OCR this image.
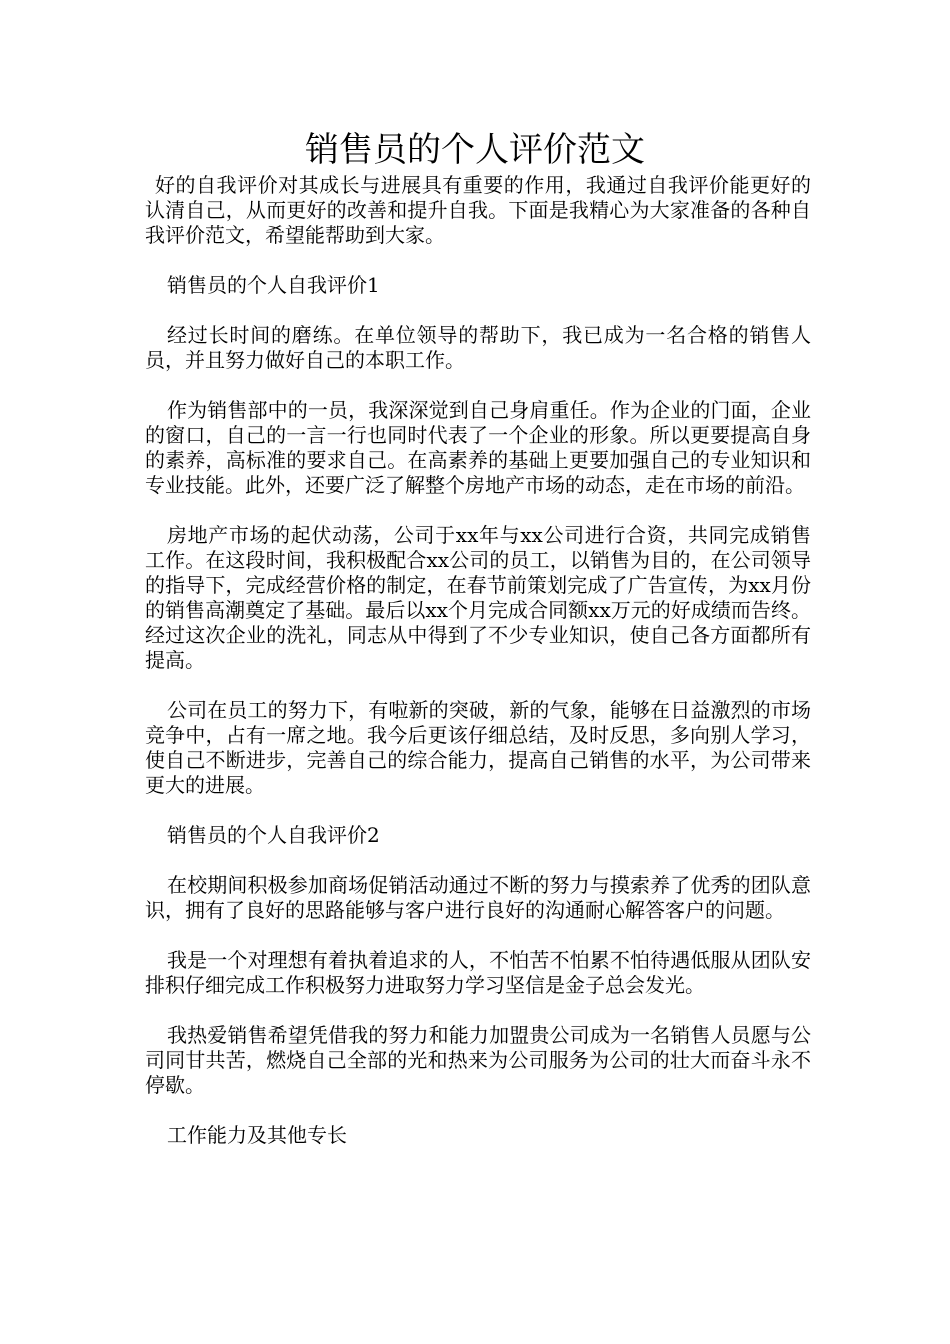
销售员的个人评价范文

好的自我评价对其成长与进展具有重要的作用，我通过自我评价能更好的认清自己，从而更好的改善和提升自我。下面是我精心为大家准备的各种自我评价范文，希望能帮助到大家。

销售员的个人自我评价1

经过长时间的磨练。在单位领导的帮助下，我已成为一名合格的销售人员，并且努力做好自己的本职工作。

作为销售部中的一员，我深深觉到自己身肩重任。作为企业的门面，企业的窗口，自己的一言一行也同时代表了一个企业的形象。所以更要提高自身的素养，高标准的要求自己。在高素养的基础上更要加强自己的专业知识和专业技能。此外，还要广泛了解整个房地产市场的动态，走在市场的前沿。

房地产市场的起伏动荡，公司于xx年与xx公司进行合资，共同完成销售工作。在这段时间，我积极配合xx公司的员工，以销售为目的，在公司领导的指导下，完成经营价格的制定，在春节前策划完成了广告宣传，为xx月份的销售高潮奠定了基础。最后以xx个月完成合同额xx万元的好成绩而告终。经过这次企业的洗礼，同志从中得到了不少专业知识，使自己各方面都所有提高。

公司在员工的努力下，有啦新的突破，新的气象，能够在日益激烈的市场竞争中，占有一席之地。我今后更该仔细总结，及时反思，多向别人学习，使自己不断进步，完善自己的综合能力，提高自己销售的水平，为公司带来更大的进展。

销售员的个人自我评价2

在校期间积极参加商场促销活动通过不断的努力与摸索养了优秀的团队意识，拥有了良好的思路能够与客户进行良好的沟通耐心解答客户的问题。

我是一个对理想有着执着追求的人，不怕苦不怕累不怕待遇低服从团队安排积仔细完成工作积极努力进取努力学习坚信是金子总会发光。

我热爱销售希望凭借我的努力和能力加盟贵公司成为一名销售人员愿与公司同甘共苦，燃烧自己全部的光和热来为公司服务为公司的壮大而奋斗永不停歇。

工作能力及其他专长
